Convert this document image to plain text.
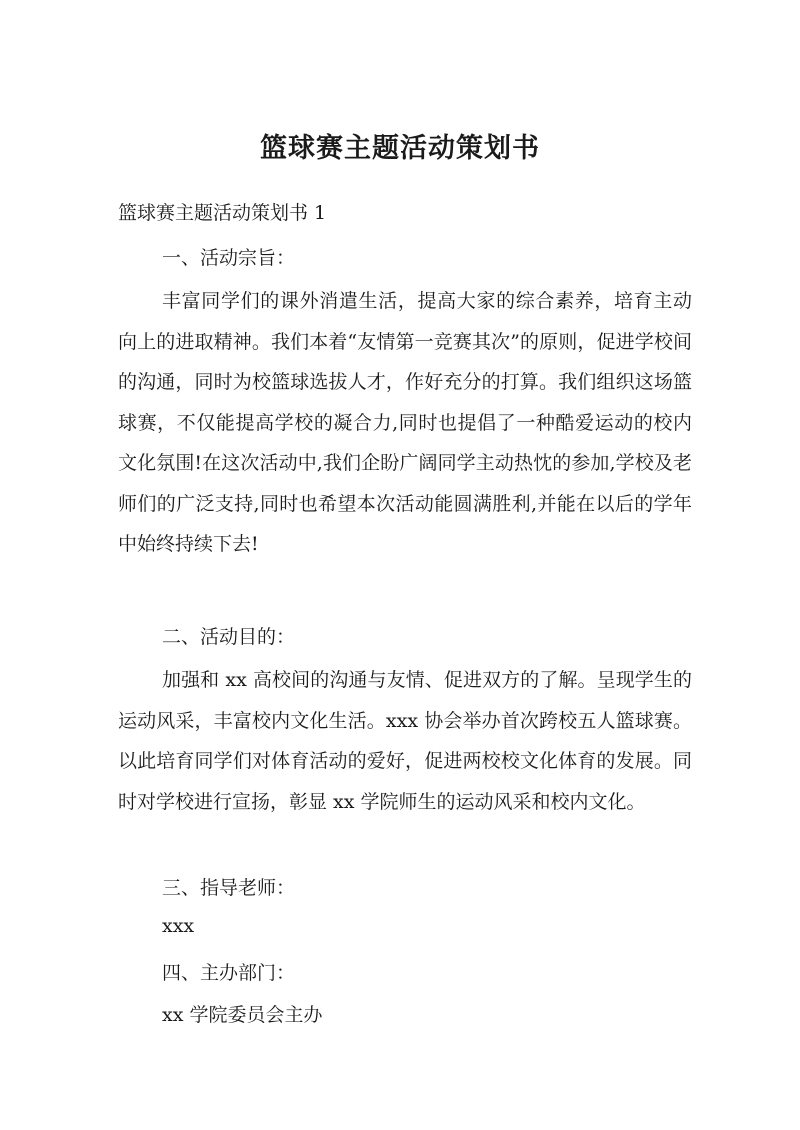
篮球赛主题活动策划书

篮球赛主题活动策划书 1

一、活动宗旨：

丰富同学们的课外消遣生活，提高大家的综合素养，培育主动向上的进取精神。我们本着“友情第一竞赛其次”的原则，促进学校间的沟通，同时为校篮球选拔人才，作好充分的打算。我们组织这场篮球赛，不仅能提高学校的凝合力,同时也提倡了一种酷爱运动的校内文化氛围!在这次活动中,我们企盼广阔同学主动热忱的参加,学校及老师们的广泛支持,同时也希望本次活动能圆满胜利,并能在以后的学年中始终持续下去!

二、活动目的：

加强和 xx 高校间的沟通与友情、促进双方的了解。呈现学生的运动风采，丰富校内文化生活。xxx 协会举办首次跨校五人篮球赛。以此培育同学们对体育活动的爱好，促进两校校文化体育的发展。同时对学校进行宣扬，彰显 xx 学院师生的运动风采和校内文化。

三、指导老师：

xxx

四、主办部门：

xx 学院委员会主办
